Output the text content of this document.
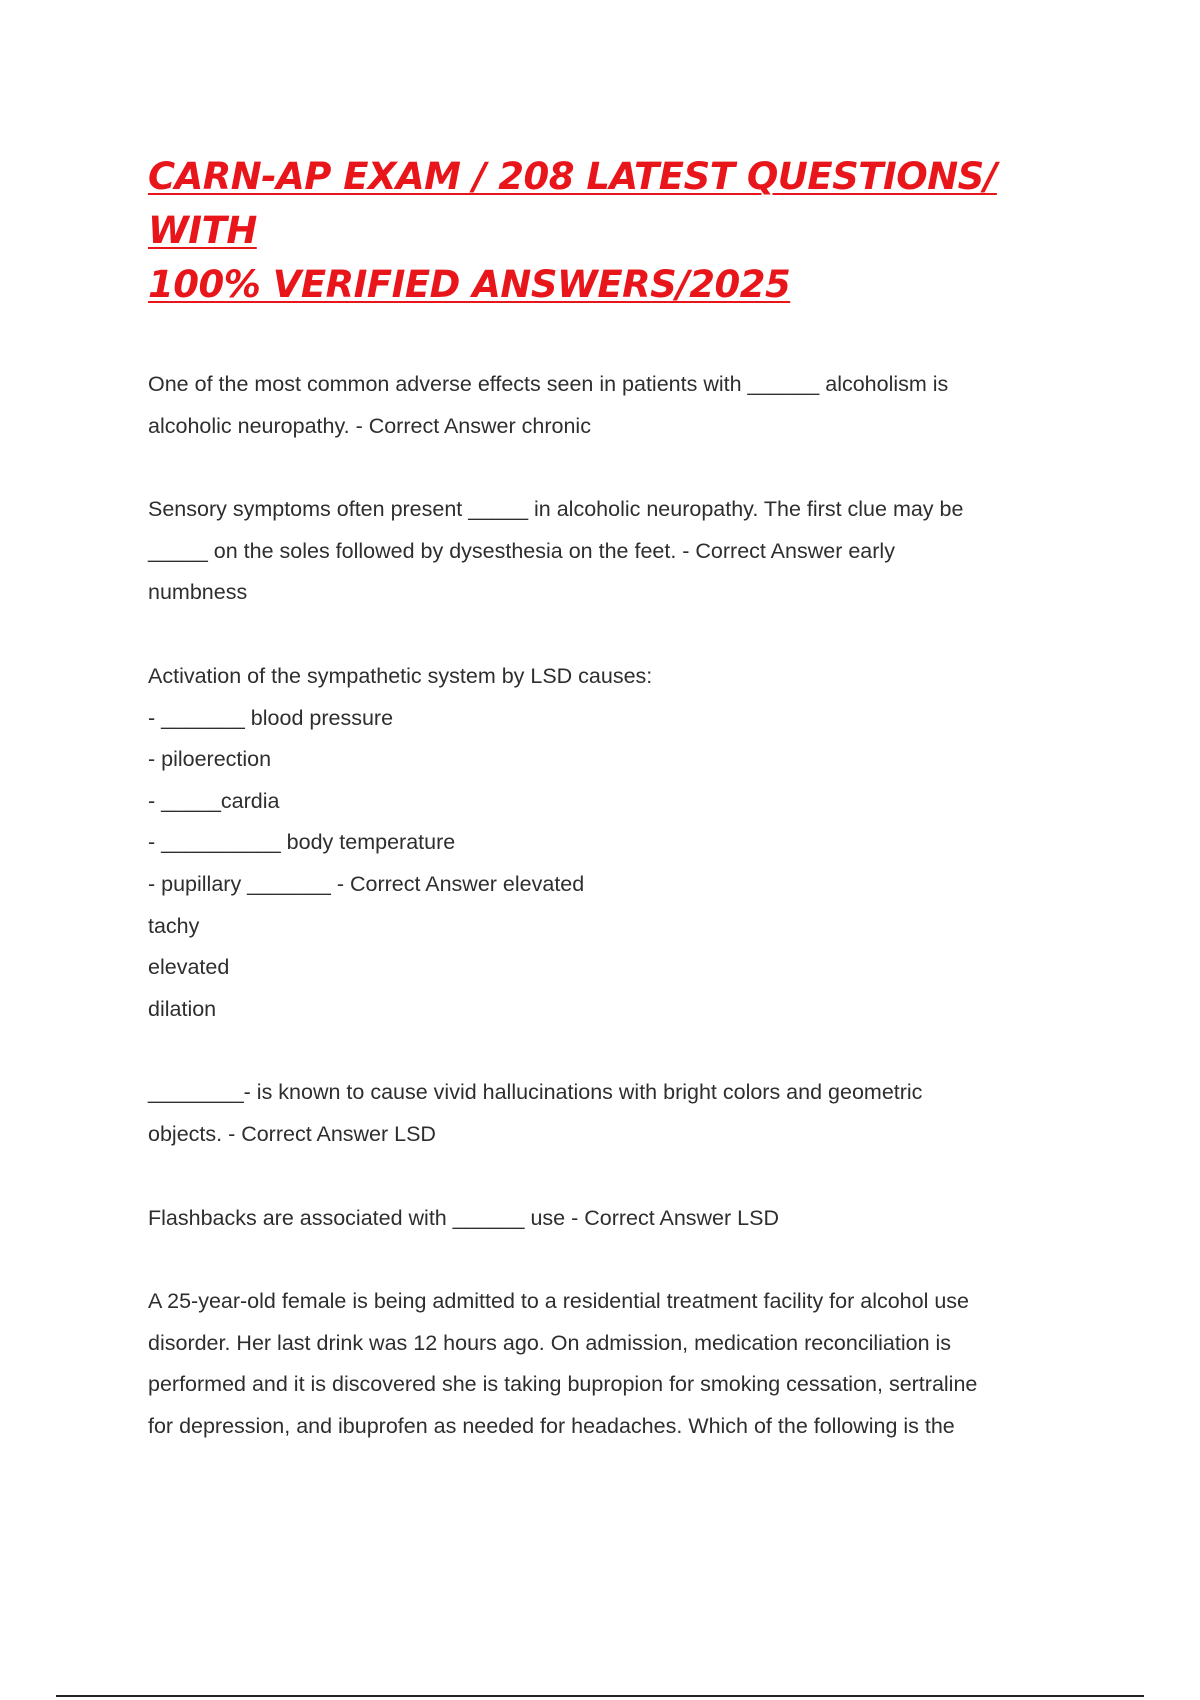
CARN-AP EXAM / 208 LATEST QUESTIONS/ WITH
100% VERIFIED ANSWERS/2025
One of the most common adverse effects seen in patients with ______ alcoholism is
alcoholic neuropathy. - Correct Answer chronic
Sensory symptoms often present _____ in alcoholic neuropathy. The first clue may be
_____ on the soles followed by dysesthesia on the feet. - Correct Answer early
numbness
Activation of the sympathetic system by LSD causes:
- _______ blood pressure
- piloerection
- _____cardia
- __________ body temperature
- pupillary _______ - Correct Answer elevated
tachy
elevated
dilation
________- is known to cause vivid hallucinations with bright colors and geometric
objects. - Correct Answer LSD
Flashbacks are associated with ______ use - Correct Answer LSD
A 25-year-old female is being admitted to a residential treatment facility for alcohol use
disorder. Her last drink was 12 hours ago. On admission, medication reconciliation is
performed and it is discovered she is taking bupropion for smoking cessation, sertraline
for depression, and ibuprofen as needed for headaches. Which of the following is the
